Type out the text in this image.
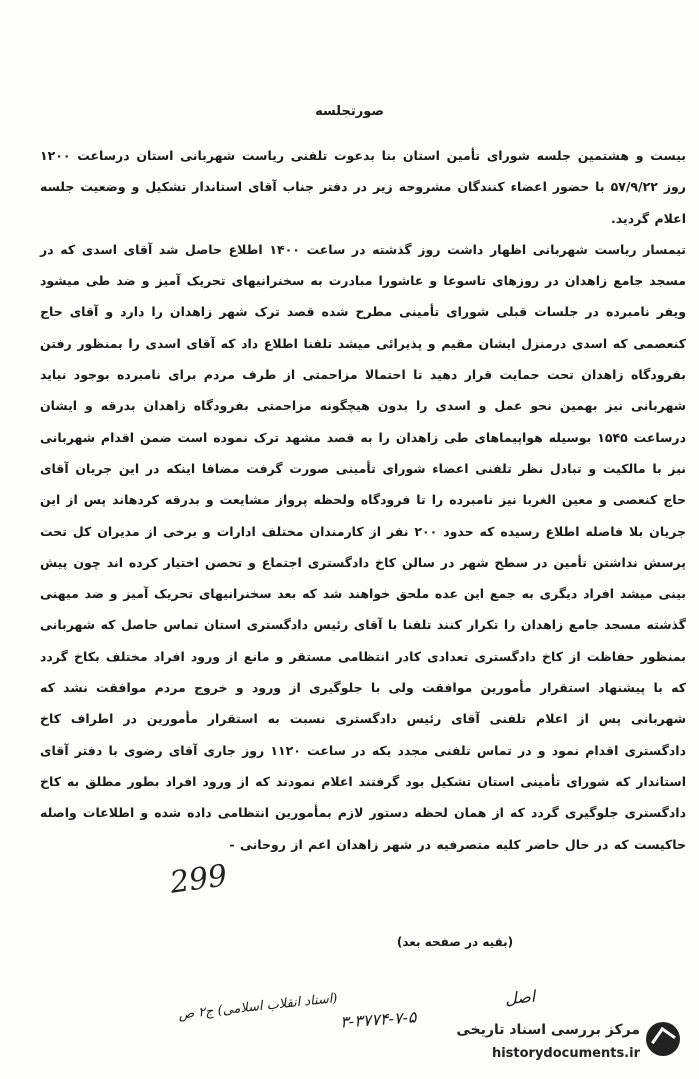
صورتجلسه

بیست و هشتمین جلسه شورای تأمین استان بنا بدعوت تلفنی ریاست شهربانی استان درساعت ۱۲۰۰ روز ۵۷/۹/۲۲ با حضور اعضاء کنندگان مشروحه زیر در دفتر جناب آقای استاندار تشکیل و وضعیت جلسه اعلام گردید.

تیمسار ریاست شهربانی اظهار داشت روز گذشته در ساعت ۱۴۰۰ اطلاع حاصل شد آقای اسدی که در مسجد جامع زاهدان در روزهای تاسوعا و عاشورا مبادرت به سخنرانیهای تحریک آمیز و ضد طی میشود ویفر نامبرده در جلسات قبلی شورای تأمینی مطرح شده قصد ترک شهر زاهدان را دارد و آقای حاج کنعصمی که اسدی درمنزل ایشان مقیم و پذیرائی میشد تلفنا اطلاع داد که آقای اسدی را بمنظور رفتن بفرودگاه زاهدان تحت حمایت قرار دهید تا احتمالا مزاحمتی از طرف مردم برای نامبرده بوجود نیاید شهربانی نیز بهمین نحو عمل و اسدی را بدون هیچگونه مزاحمتی بفرودگاه زاهدان بدرقه و ایشان درساعت ۱۵۴۵ بوسیله هواپیماهای طی زاهدان را به قصد مشهد ترک نموده است ضمن اقدام شهربانی نیز با مالکیت و تبادل نظر تلفنی اعضاء شورای تأمینی صورت گرفت مضافا اینکه در این جریان آقای حاج کنعصی و معین الغربا نیز نامبرده را تا فرودگاه ولحظه پرواز مشایعت و بدرقه کردهاند پس از این جریان بلا فاصله اطلاع رسیده که حدود ۲۰۰ نفر از کارمندان مختلف ادارات و برخی از مدیران کل تحت پرسش نداشتن تأمین در سطح شهر در سالن کاخ دادگستری اجتماع و تحصن اختیار کرده اند چون پیش بینی میشد افراد دیگری به جمع این عده ملحق خواهند شد که بعد سخنرانیهای تحریک آمیز و ضد میهنی گذشته مسجد جامع زاهدان را تکرار کنند تلفنا با آقای رئیس دادگستری استان تماس حاصل که شهربانی بمنظور حفاظت از کاخ دادگستری تعدادی کادر انتظامی مستقر و مانع از ورود افراد مختلف بکاخ گردد که با پیشنهاد استقرار مأمورین موافقت ولی با جلوگیری از ورود و خروج مردم موافقت نشد که شهربانی پس از اعلام تلفنی آقای رئیس دادگستری نسبت به استقرار مأمورین در اطراف کاخ دادگستری اقدام نمود و در تماس تلفنی مجدد یکه در ساعت ۱۱۲۰ روز جاری آقای رضوی با دفتر آقای استاندار که شورای تأمینی استان تشکیل بود گرفتند اعلام نمودند که از ورود افراد بطور مطلق به کاخ دادگستری جلوگیری گردد که از همان لحظه دستور لازم بمأمورین انتظامی داده شده و اطلاعات واصله حاکیست که در حال حاضر کلیه متصرفیه در شهر زاهدان اعم از روحانی -

299
(بقیه در صفحه بعد)
اصل
۳-۳۷۷۴-۷-۵
(اسناد انقلاب اسلامی) ج۲ ص
مرکز بررسی اسناد تاریخی
historydocuments.ir
